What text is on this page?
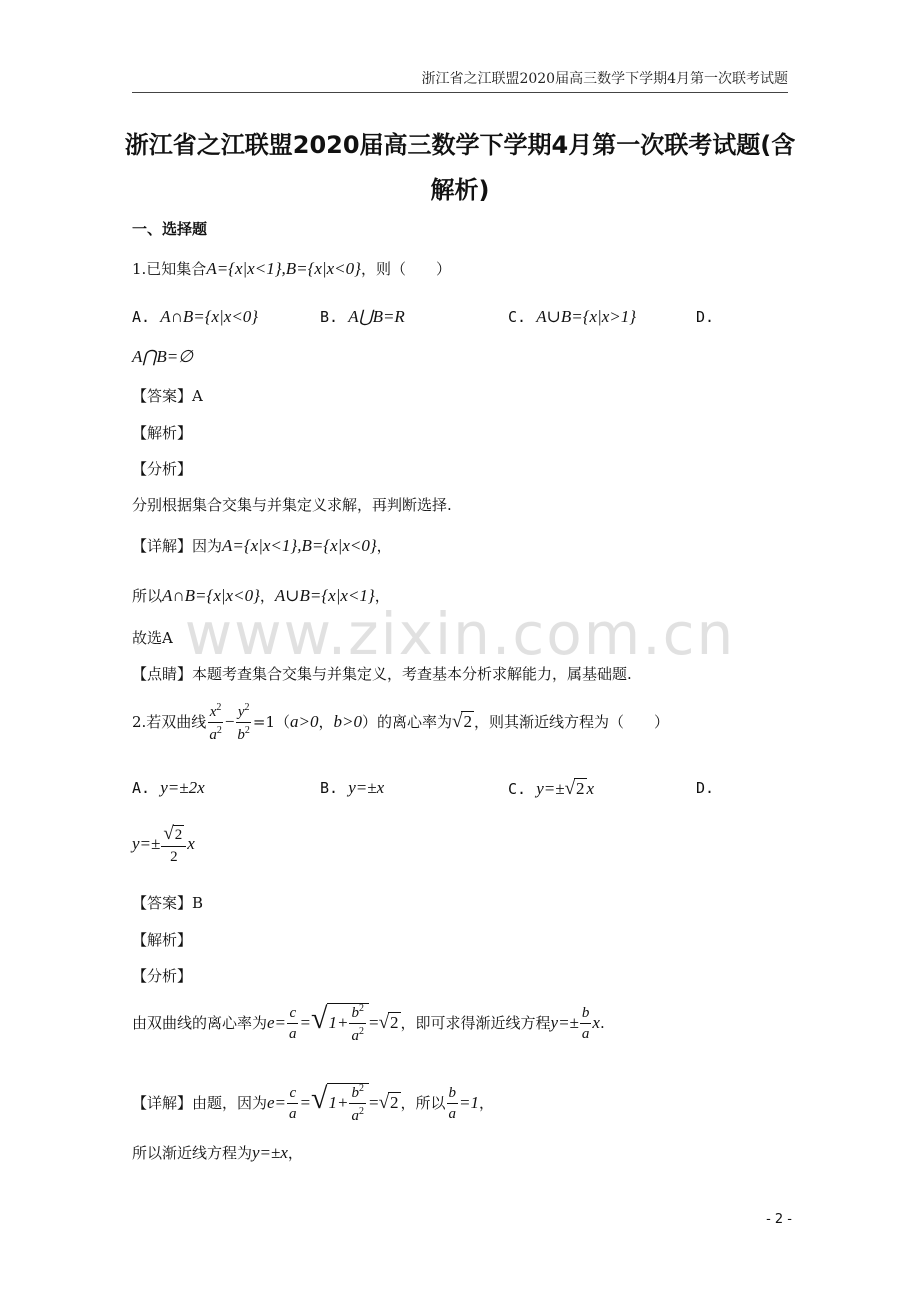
浙江省之江联盟2020届高三数学下学期4月第一次联考试题
浙江省之江联盟2020届高三数学下学期4月第一次联考试题(含
解析)
一、选择题
1.已知集合A={x|x<1},B={x|x<0}，则（　　）
A. A∩B={x|x<0}	B. A⋃B=R	C. A∪B={x|x>1}	D.
A⋂B=∅
【答案】A
【解析】
【分析】
分别根据集合交集与并集定义求解，再判断选择.
【详解】因为A={x|x<1},B={x|x<0}，
所以A∩B={x|x<0}，A∪B={x|x<1}，
故选A
【点睛】本题考查集合交集与并集定义，考查基本分析求解能力，属基础题.
2.若双曲线 $\frac{x^2}{a^2} - \frac{y^2}{b^2} =1(a>0$，b>0）的离心率为√2 ，则其渐近线方程为（　　）
A. y=±2x	B. y=±x	C. y=±√2 x	D.
$y=\pm \frac{√2}{2}$ x
【答案】B
【解析】
【分析】
由双曲线的离心率为$e= \frac{c}{a} =√1+ \frac{b^2}{a^2} =√2$ ，即可求得渐近线方程$y=\pm \frac{b}{a} x$.
【详解】由题，因为$e= \frac{c}{a} =√1+ \frac{b^2}{a^2} =√2$ ，所以 $\frac{b}{a} =1$，
所以渐近线方程为y=±x，
www.zixin.com.cn
- 2 -
